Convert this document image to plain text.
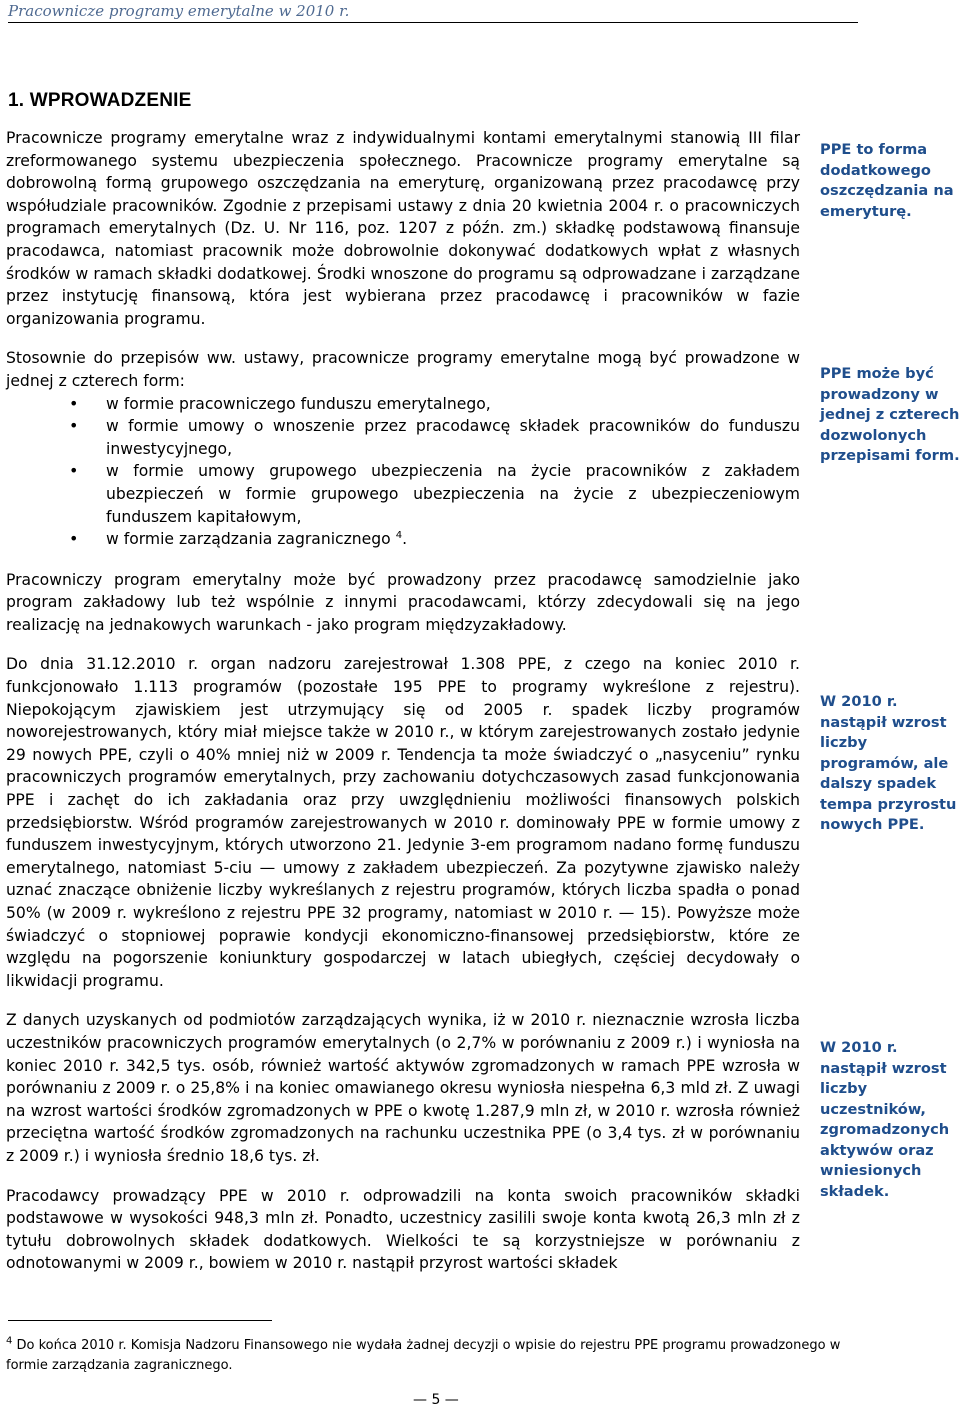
Pracownicze programy emerytalne w 2010 r.
1. WPROWADZENIE

Pracownicze programy emerytalne wraz z indywidualnymi kontami emerytalnymi stanowią III filar zreformowanego systemu ubezpieczenia społecznego. Pracownicze programy emerytalne są dobrowolną formą grupowego oszczędzania na emeryturę, organizowaną przez pracodawcę przy współudziale pracowników. Zgodnie z przepisami ustawy z dnia 20 kwietnia 2004 r. o pracowniczych programach emerytalnych (Dz. U. Nr 116, poz. 1207 z późn. zm.) składkę podstawową finansuje pracodawca, natomiast pracownik może dobrowolnie dokonywać dodatkowych wpłat z własnych środków w ramach składki dodatkowej. Środki wnoszone do programu są odprowadzane i zarządzane przez instytucję finansową, która jest wybierana przez pracodawcę i pracowników w fazie organizowania programu.

Stosownie do przepisów ww. ustawy, pracownicze programy emerytalne mogą być prowadzone w jednej z czterech form:

• w formie pracowniczego funduszu emerytalnego,
• w formie umowy o wnoszenie przez pracodawcę składek pracowników do funduszu inwestycyjnego,
• w formie umowy grupowego ubezpieczenia na życie pracowników z zakładem ubezpieczeń w formie grupowego ubezpieczenia na życie z ubezpieczeniowym funduszem kapitałowym,
• w formie zarządzania zagranicznego $^4$.

Pracowniczy program emerytalny może być prowadzony przez pracodawcę samodzielnie jako program zakładowy lub też wspólnie z innymi pracodawcami, którzy zdecydowali się na jego realizację na jednakowych warunkach - jako program międzyzakładowy.

Do dnia 31.12.2010 r. organ nadzoru zarejestrował 1.308 PPE, z czego na koniec 2010 r. funkcjonowało 1.113 programów (pozostałe 195 PPE to programy wykreślone z rejestru). Niepokojącym zjawiskiem jest utrzymujący się od 2005 r. spadek liczby programów noworejestrowanych, który miał miejsce także w 2010 r., w którym zarejestrowanych zostało jedynie 29 nowych PPE, czyli o 40% mniej niż w 2009 r. Tendencja ta może świadczyć o „nasyceniu” rynku pracowniczych programów emerytalnych, przy zachowaniu dotychczasowych zasad funkcjonowania PPE i zachęt do ich zakładania oraz przy uwzględnieniu możliwości finansowych polskich przedsiębiorstw. Wśród programów zarejestrowanych w 2010 r. dominowały PPE w formie umowy z funduszem inwestycyjnym, których utworzono 21. Jedynie 3-em programom nadano formę funduszu emerytalnego, natomiast 5-ciu — umowy z zakładem ubezpieczeń. Za pozytywne zjawisko należy uznać znaczące obniżenie liczby wykreślanych z rejestru programów, których liczba spadła o ponad 50% (w 2009 r. wykreślono z rejestru PPE 32 programy, natomiast w 2010 r. — 15). Powyższe może świadczyć o stopniowej poprawie kondycji ekonomiczno-finansowej przedsiębiorstw, które ze względu na pogorszenie koniunktury gospodarczej w latach ubiegłych, częściej decydowały o likwidacji programu.

Z danych uzyskanych od podmiotów zarządzających wynika, iż w 2010 r. nieznacznie wzrosła liczba uczestników pracowniczych programów emerytalnych (o 2,7% w porównaniu z 2009 r.) i wyniosła na koniec 2010 r. 342,5 tys. osób, również wartość aktywów zgromadzonych w ramach PPE wzrosła w porównaniu z 2009 r. o 25,8% i na koniec omawianego okresu wyniosła niespełna 6,3 mld zł. Z uwagi na wzrost wartości środków zgromadzonych w PPE o kwotę 1.287,9 mln zł, w 2010 r. wzrosła również przeciętna wartość środków zgromadzonych na rachunku uczestnika PPE (o 3,4 tys. zł w porównaniu z 2009 r.) i wyniosła średnio 18,6 tys. zł.

Pracodawcy prowadzący PPE w 2010 r. odprowadzili na konta swoich pracowników składki podstawowe w wysokości 948,3 mln zł. Ponadto, uczestnicy zasilili swoje konta kwotą 26,3 mln zł z tytułu dobrowolnych składek dodatkowych. Wielkości te są korzystniejsze w porównaniu z odnotowanymi w 2009 r., bowiem w 2010 r. nastąpił przyrost wartości składek

PPE to forma dodatkowego oszczędzania na emeryturę.
PPE może być prowadzony w jednej z czterech dozwolonych przepisami form.
W 2010 r. nastąpił wzrost liczby programów, ale dalszy spadek tempa przyrostu nowych PPE.
W 2010 r. nastąpił wzrost liczby uczestników, zgromadzonych aktywów oraz wniesionych składek.
$^4$ Do końca 2010 r. Komisja Nadzoru Finansowego nie wydała żadnej decyzji o wpisie do rejestru PPE programu prowadzonego w formie zarządzania zagranicznego.
— 5 —
